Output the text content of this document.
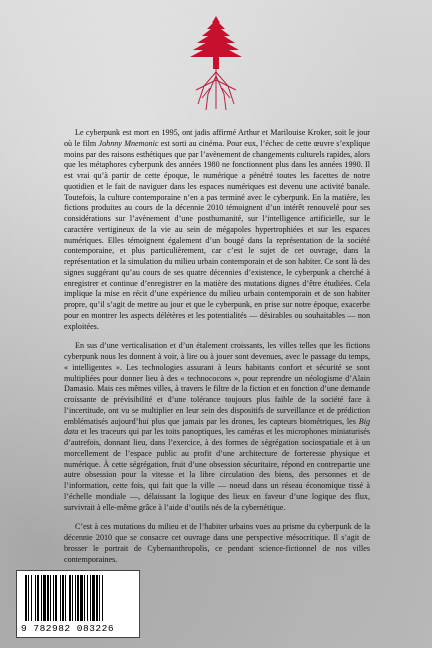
Le cyberpunk est mort en 1995, ont jadis affirmé Arthur et Marilouise Kroker, soit le jour où le film Johnny Mnemonic est sorti au cinéma. Pour eux, l’échec de cette œuvre s’explique moins par des raisons esthétiques que par l’avènement de changements culturels rapides, alors que les métaphores cyberpunk des années 1980 ne fonctionnent plus dans les années 1990. Il est vrai qu’à partir de cette époque, le numérique a pénétré toutes les facettes de notre quotidien et le fait de naviguer dans les espaces numériques est devenu une activité banale. Toutefois, la culture contemporaine n’en a pas terminé avec le cyberpunk. En la matière, les fictions produites au cours de la décennie 2010 témoignent d’un intérêt renouvelé pour ses considérations sur l’avènement d’une posthumanité, sur l’intelligence artificielle, sur le caractère vertigineux de la vie au sein de mégapoles hypertrophiées et sur les espaces numériques. Elles témoignent également d’un bougé dans la représentation de la société contemporaine, et plus particulièrement, car c’est le sujet de cet ouvrage, dans la représentation et la simulation du milieu urbain contemporain et de son habiter. Ce sont là des signes suggérant qu’au cours de ses quatre décennies d’existence, le cyberpunk a cherché à enregistrer et continue d’enregistrer en la matière des mutations dignes d’être étudiées. Cela implique la mise en récit d’une expérience du milieu urbain contemporain et de son habiter propre, qu’il s’agit de mettre au jour et que le cyberpunk, en prise sur notre époque, exacerbe pour en montrer les aspects délétères et les potentialités — désirables ou souhaitables — non exploitées.

En sus d’une verticalisation et d’un étalement croissants, les villes telles que les fictions cyberpunk nous les donnent à voir, à lire ou à jouer sont devenues, avec le passage du temps, « intelligentes ». Les technologies assurant à leurs habitants confort et sécurité se sont multipliées pour donner lieu à des « technococons », pour reprendre un néologisme d’Alain Damasio. Mais ces mêmes villes, à travers le filtre de la fiction et en fonction d’une demande croissante de prévisibilité et d’une tolérance toujours plus faible de la société face à l’incertitude, ont vu se multiplier en leur sein des dispositifs de surveillance et de prédiction emblématisés aujourd’hui plus que jamais par les drones, les capteurs biométriques, les Big data et les traceurs qui par les toits panoptiques, les caméras et les microphones miniaturisés d’autrefois, donnant lieu, dans l’exercice, à des formes de ségrégation sociospatiale et à un morcellement de l’espace public au profit d’une architecture de forteresse physique et numérique. À cette ségrégation, fruit d’une obsession sécuritaire, répond en contrepartie une autre obsession pour la vitesse et la libre circulation des biens, des personnes et de l’information, cette fois, qui fait que la ville — noeud dans un réseau économique tissé à l’échelle mondiale —, délaissant la logique des lieux en faveur d’une logique des flux, survivrait à elle-même grâce à l’aide d’outils nés de la cybernétique.

C’est à ces mutations du milieu et de l’habiter urbains vues au prisme du cyberpunk de la décennie 2010 que se consacre cet ouvrage dans une perspective mésocritique. Il s’agit de brosser le portrait de Cybernanthropolis, ce pendant science-fictionnel de nos villes contemporaines.

9 782982 083226
